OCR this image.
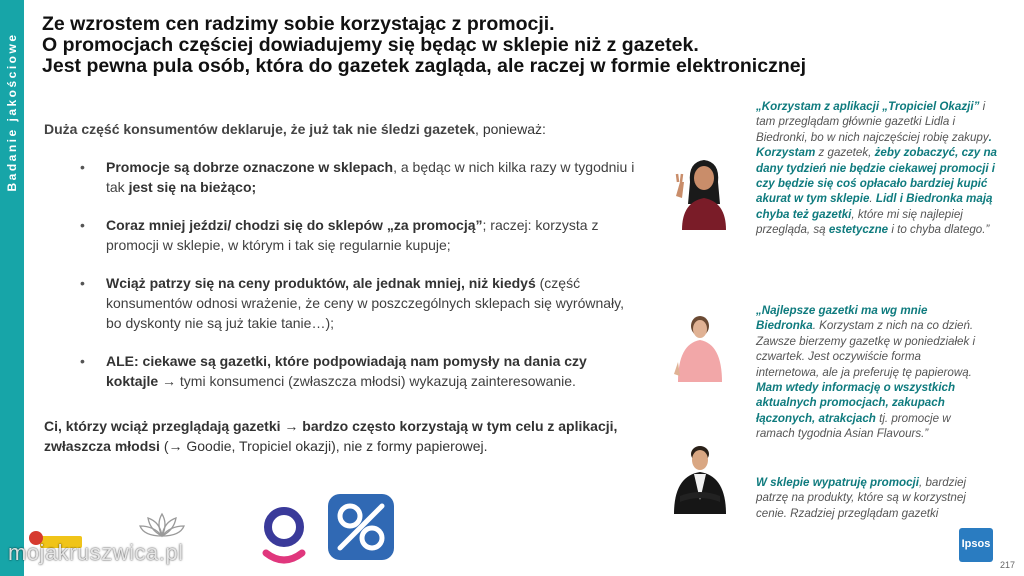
Badanie jakościowe
Ze wzrostem cen radzimy sobie korzystając z promocji.
O promocjach częściej dowiadujemy się będąc w sklepie niż z gazetek.
Jest pewna pula osób, która do gazetek zagląda, ale raczej w formie elektronicznej
Duża część konsumentów deklaruje, że już tak nie śledzi gazetek, ponieważ:
• Promocje są dobrze oznaczone w sklepach, a będąc w nich kilka razy w tygodniu i tak jest się na bieżąco;
• Coraz mniej jeździ/ chodzi się do sklepów „za promocją”; raczej: korzysta z promocji w sklepie, w którym i tak się regularnie kupuje;
• Wciąż patrzy się na ceny produktów, ale jednak mniej, niż kiedyś (część konsumentów odnosi wrażenie, że ceny w poszczególnych sklepach się wyrównały, bo dyskonty nie są już takie tanie…);
• ALE: ciekawe są gazetki, które podpowiadają nam pomysły na dania czy koktajle → tymi konsumenci (zwłaszcza młodsi) wykazują zainteresowanie.
Ci, którzy wciąż przeglądają gazetki → bardzo często korzystają w tym celu z aplikacji, zwłaszcza młodsi (→ Goodie, Tropiciel okazji), nie z formy papierowej.
„Korzystam z aplikacji „Tropiciel Okazji” i tam przeglądam głównie gazetki Lidla i Biedronki, bo w nich najczęściej robię zakupy. Korzystam z gazetek, żeby zobaczyć, czy na dany tydzień nie będzie ciekawej promocji i czy będzie się coś opłacało bardziej kupić akurat w tym sklepie. Lidl i Biedronka mają chyba też gazetki, które mi się najlepiej przegląda, są estetyczne i to chyba dlatego.”
„Najlepsze gazetki ma wg mnie Biedronka. Korzystam z nich na co dzień. Zawsze bierzemy gazetkę w poniedziałek i czwartek. Jest oczywiście forma internetowa, ale ja preferuję tę papierową. Mam wtedy informację o wszystkich aktualnych promocjach, zakupach łączonych, atrakcjach tj. promocje w ramach tygodnia Asian Flavours.”
W sklepie wypatruję promocji, bardziej patrzę na produkty, które są w korzystnej cenie. Rzadziej przeglądam gazetki
Ipsos
217
mojakruszwica.pl
